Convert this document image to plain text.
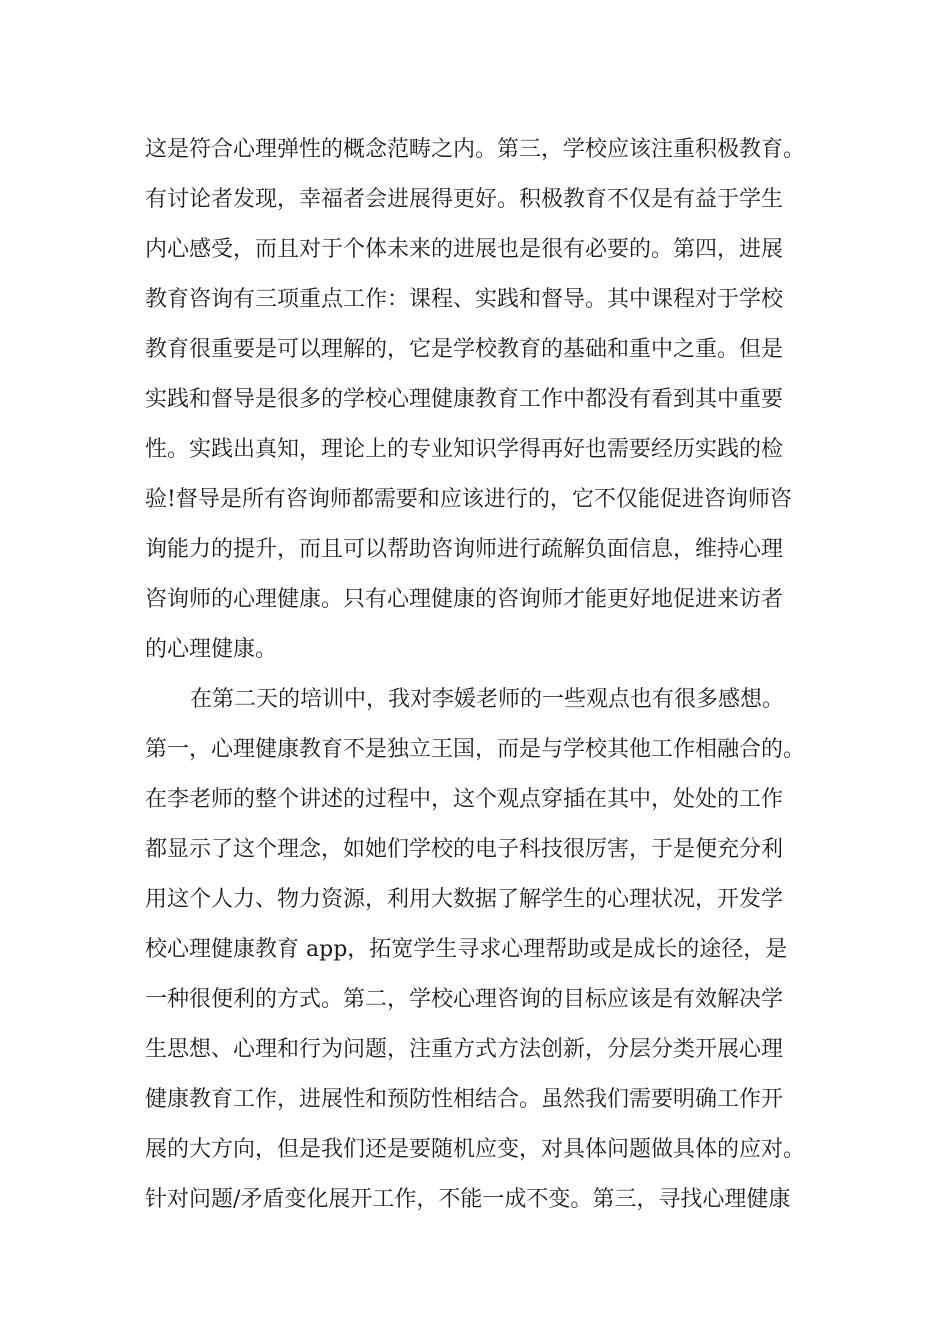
这是符合心理弹性的概念范畴之内。第三，学校应该注重积极教育。
有讨论者发现，幸福者会进展得更好。积极教育不仅是有益于学生
内心感受，而且对于个体未来的进展也是很有必要的。第四，进展
教育咨询有三项重点工作：课程、实践和督导。其中课程对于学校
教育很重要是可以理解的，它是学校教育的基础和重中之重。但是
实践和督导是很多的学校心理健康教育工作中都没有看到其中重要
性。实践出真知，理论上的专业知识学得再好也需要经历实践的检
验!督导是所有咨询师都需要和应该进行的，它不仅能促进咨询师咨
询能力的提升，而且可以帮助咨询师进行疏解负面信息，维持心理
咨询师的心理健康。只有心理健康的咨询师才能更好地促进来访者
的心理健康。
在第二天的培训中，我对李媛老师的一些观点也有很多感想。
第一，心理健康教育不是独立王国，而是与学校其他工作相融合的。
在李老师的整个讲述的过程中，这个观点穿插在其中，处处的工作
都显示了这个理念，如她们学校的电子科技很厉害，于是便充分利
用这个人力、物力资源，利用大数据了解学生的心理状况，开发学
校心理健康教育 app，拓宽学生寻求心理帮助或是成长的途径，是
一种很便利的方式。第二，学校心理咨询的目标应该是有效解决学
生思想、心理和行为问题，注重方式方法创新，分层分类开展心理
健康教育工作，进展性和预防性相结合。虽然我们需要明确工作开
展的大方向，但是我们还是要随机应变，对具体问题做具体的应对。
针对问题/矛盾变化展开工作，不能一成不变。第三，寻找心理健康
